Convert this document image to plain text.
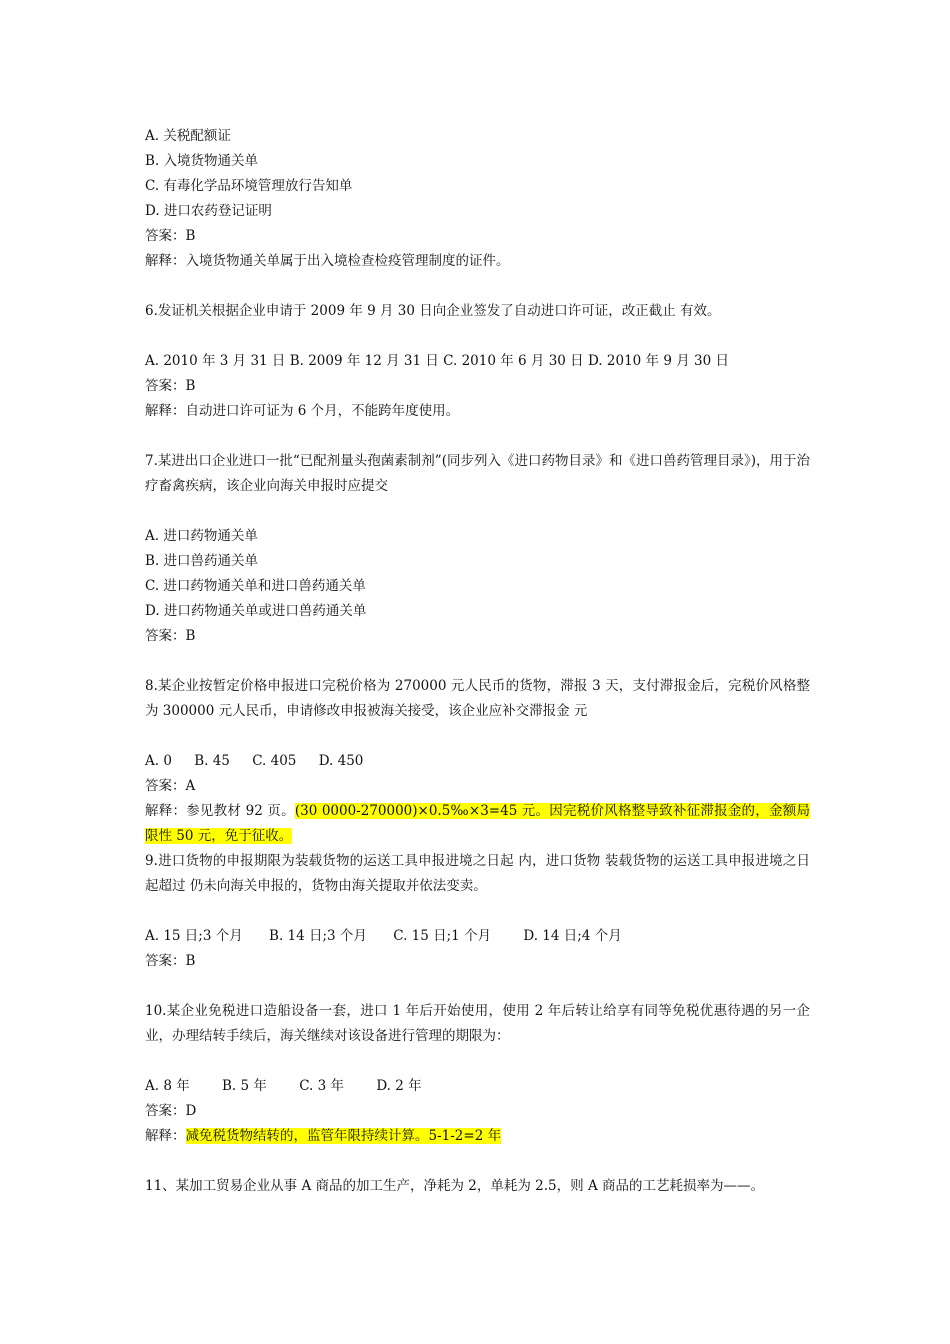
A. 关税配额证
B. 入境货物通关单
C. 有毒化学品环境管理放行告知单
D. 进口农药登记证明
答案：B
解释：入境货物通关单属于出入境检查检疫管理制度的证件。
6.发证机关根据企业申请于 2009 年 9 月 30 日向企业签发了自动进口许可证，改正截止 有效。
A. 2010 年 3 月 31 日 B. 2009 年 12 月 31 日 C. 2010 年 6 月 30 日 D. 2010 年 9 月 30 日
答案：B
解释：自动进口许可证为 6 个月，不能跨年度使用。
7.某进出口企业进口一批“已配剂量头孢菌素制剂”(同步列入《进口药物目录》和《进口兽药管理目录》)，用于治疗畜禽疾病，该企业向海关申报时应提交
A. 进口药物通关单
B. 进口兽药通关单
C. 进口药物通关单和进口兽药通关单
D. 进口药物通关单或进口兽药通关单
答案：B
8.某企业按暂定价格申报进口完税价格为 270000 元人民币的货物，滞报 3 天，支付滞报金后，完税价风格整为 300000 元人民币，申请修改申报被海关接受，该企业应补交滞报金 元
A. 0 B. 45 C. 405 D. 450
答案：A
解释：参见教材 92 页。(30 0000-270000)×0.5‰×3=45 元。因完税价风格整导致补征滞报金的，金额局限性 50 元，免于征收。
9.进口货物的申报期限为装载货物的运送工具申报进境之日起 内，进口货物 装载货物的运送工具申报进境之日起超过 仍未向海关申报的，货物由海关提取并依法变卖。
A. 15 日;3 个月 B. 14 日;3 个月 C. 15 日;1 个月 D. 14 日;4 个月
答案：B
10.某企业免税进口造船设备一套，进口 1 年后开始使用，使用 2 年后转让给享有同等免税优惠待遇的另一企业，办理结转手续后，海关继续对该设备进行管理的期限为：
A. 8 年 B. 5 年 C. 3 年 D. 2 年
答案：D
解释：减免税货物结转的，监管年限持续计算。5-1-2=2 年
11、某加工贸易企业从事 A 商品的加工生产，净耗为 2，单耗为 2.5，则 A 商品的工艺耗损率为——。
